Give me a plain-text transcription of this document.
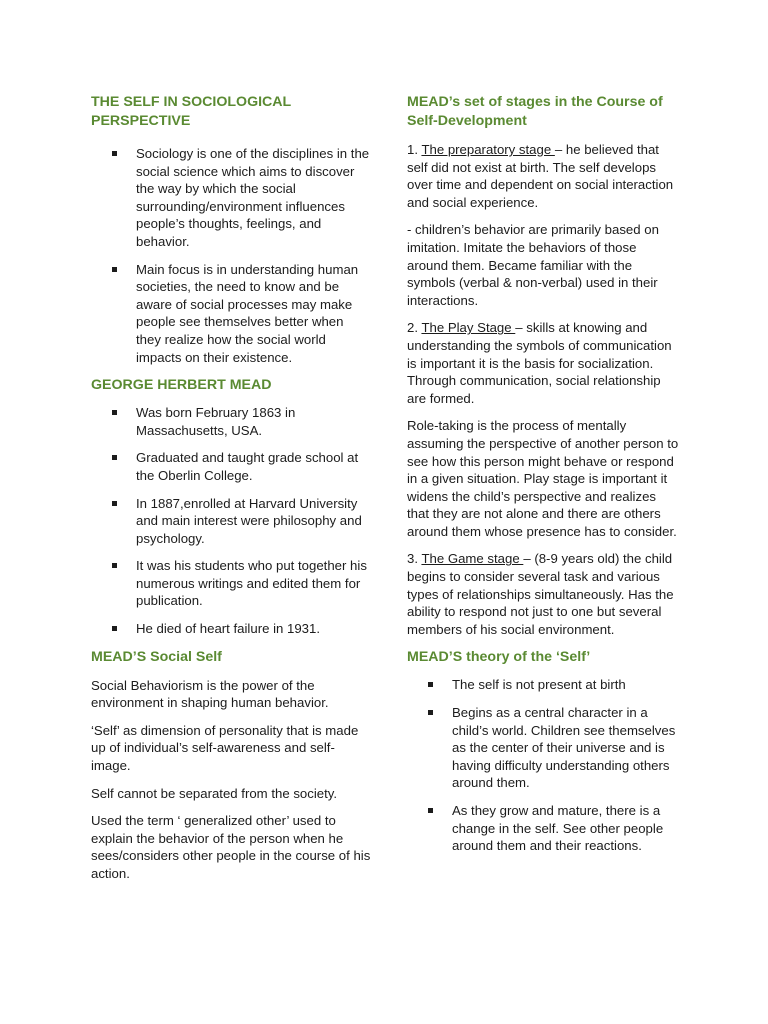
THE SELF IN SOCIOLOGICAL PERSPECTIVE
Sociology is one of the disciplines in the social science which aims to discover the way by which the social surrounding/environment influences people’s thoughts, feelings, and behavior.
Main focus is in understanding human societies, the need to know and be aware of social processes may make people see themselves better when they realize how the social world impacts on their existence.
GEORGE HERBERT MEAD
Was born February 1863 in Massachusetts, USA.
Graduated and taught grade school at the Oberlin College.
In 1887,enrolled at Harvard University and main interest were philosophy and psychology.
It was his students who put together his numerous writings and edited them for publication.
He died of heart failure in 1931.
MEAD’S Social Self

Social Behaviorism is the power of the environment in shaping human behavior.

‘Self’ as dimension of personality that is made up of individual’s self-awareness and self- image.

Self cannot be separated from the society.

Used the term ‘ generalized other’ used to explain the behavior of the person when he sees/considers other people in the course of his action.

MEAD’s set of stages in the Course of Self-Development

1. The preparatory stage – he believed that self did not exist at birth. The self develops over time and dependent on social interaction and social experience.

- children’s behavior are primarily based on imitation. Imitate the behaviors of those around them. Became familiar with the symbols (verbal & non-verbal) used in their interactions.

2. The Play Stage – skills at knowing and understanding the symbols of communication is important it is the basis for socialization. Through communication, social relationship are formed.

Role-taking is the process of mentally assuming the perspective of another person to see how this person might behave or respond in a given situation. Play stage is important it widens the child’s perspective and realizes that they are not alone and there are others around them whose presence has to consider.

3. The Game stage – (8-9 years old) the child begins to consider several task and various types of relationships simultaneously. Has the ability to respond not just to one but several members of his social environment.

MEAD’S theory of the ‘Self’
The self is not present at birth
Begins as a central character in a child’s world. Children see themselves as the center of their universe and is having difficulty understanding others around them.
As they grow and mature, there is a change in the self. See other people around them and their reactions.
